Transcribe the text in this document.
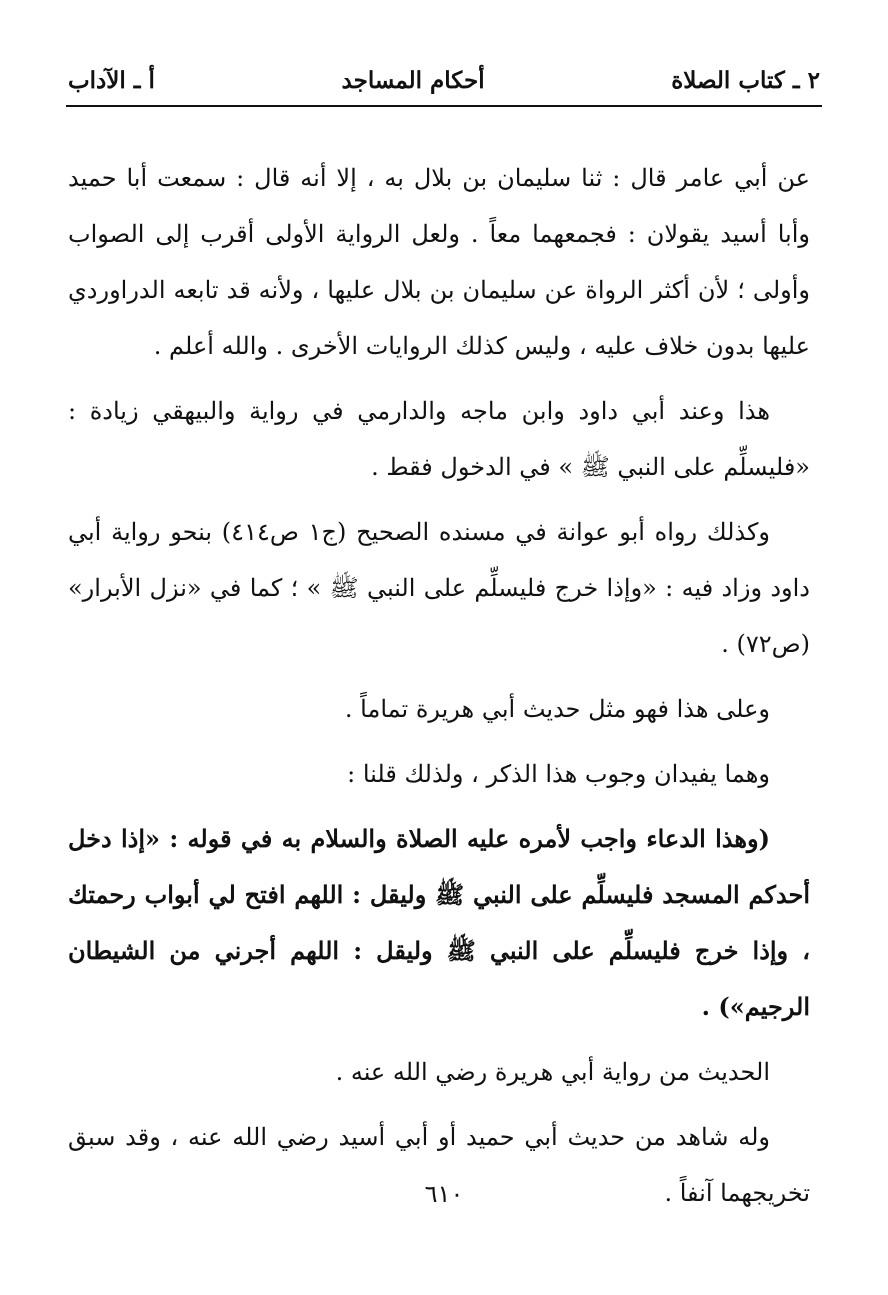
٢ ـ كتاب الصلاة
أحكام المساجد
أ ـ الآداب

عن أبي عامر قال : ثنا سليمان بن بلال به ، إلا أنه قال : سمعت أبا حميد وأبا أسيد يقولان : فجمعهما معاً . ولعل الرواية الأولى أقرب إلى الصواب وأولى ؛ لأن أكثر الرواة عن سليمان بن بلال عليها ، ولأنه قد تابعه الدراوردي عليها بدون خلاف عليه ، وليس كذلك الروايات الأخرى . والله أعلم .

هذا وعند أبي داود وابن ماجه والدارمي في رواية والبيهقي زيادة : «فليسلِّم على النبي ﷺ » في الدخول فقط .

وكذلك رواه أبو عوانة في مسنده الصحيح (ج١ ص٤١٤) بنحو رواية أبي داود وزاد فيه : «وإذا خرج فليسلِّم على النبي ﷺ » ؛ كما في «نزل الأبرار» (ص٧٢) .

وعلى هذا فهو مثل حديث أبي هريرة تماماً .

وهما يفيدان وجوب هذا الذكر ، ولذلك قلنا :

(وهذا الدعاء واجب لأمره عليه الصلاة والسلام به في قوله : «إذا دخل أحدكم المسجد فليسلِّم على النبي ﷺ وليقل : اللهم افتح لي أبواب رحمتك ، وإذا خرج فليسلِّم على النبي ﷺ وليقل : اللهم أجرني من الشيطان الرجيم») .

الحديث من رواية أبي هريرة رضي الله عنه .

وله شاهد من حديث أبي حميد أو أبي أسيد رضي الله عنه ، وقد سبق تخريجهما آنفاً .

٦١٠
